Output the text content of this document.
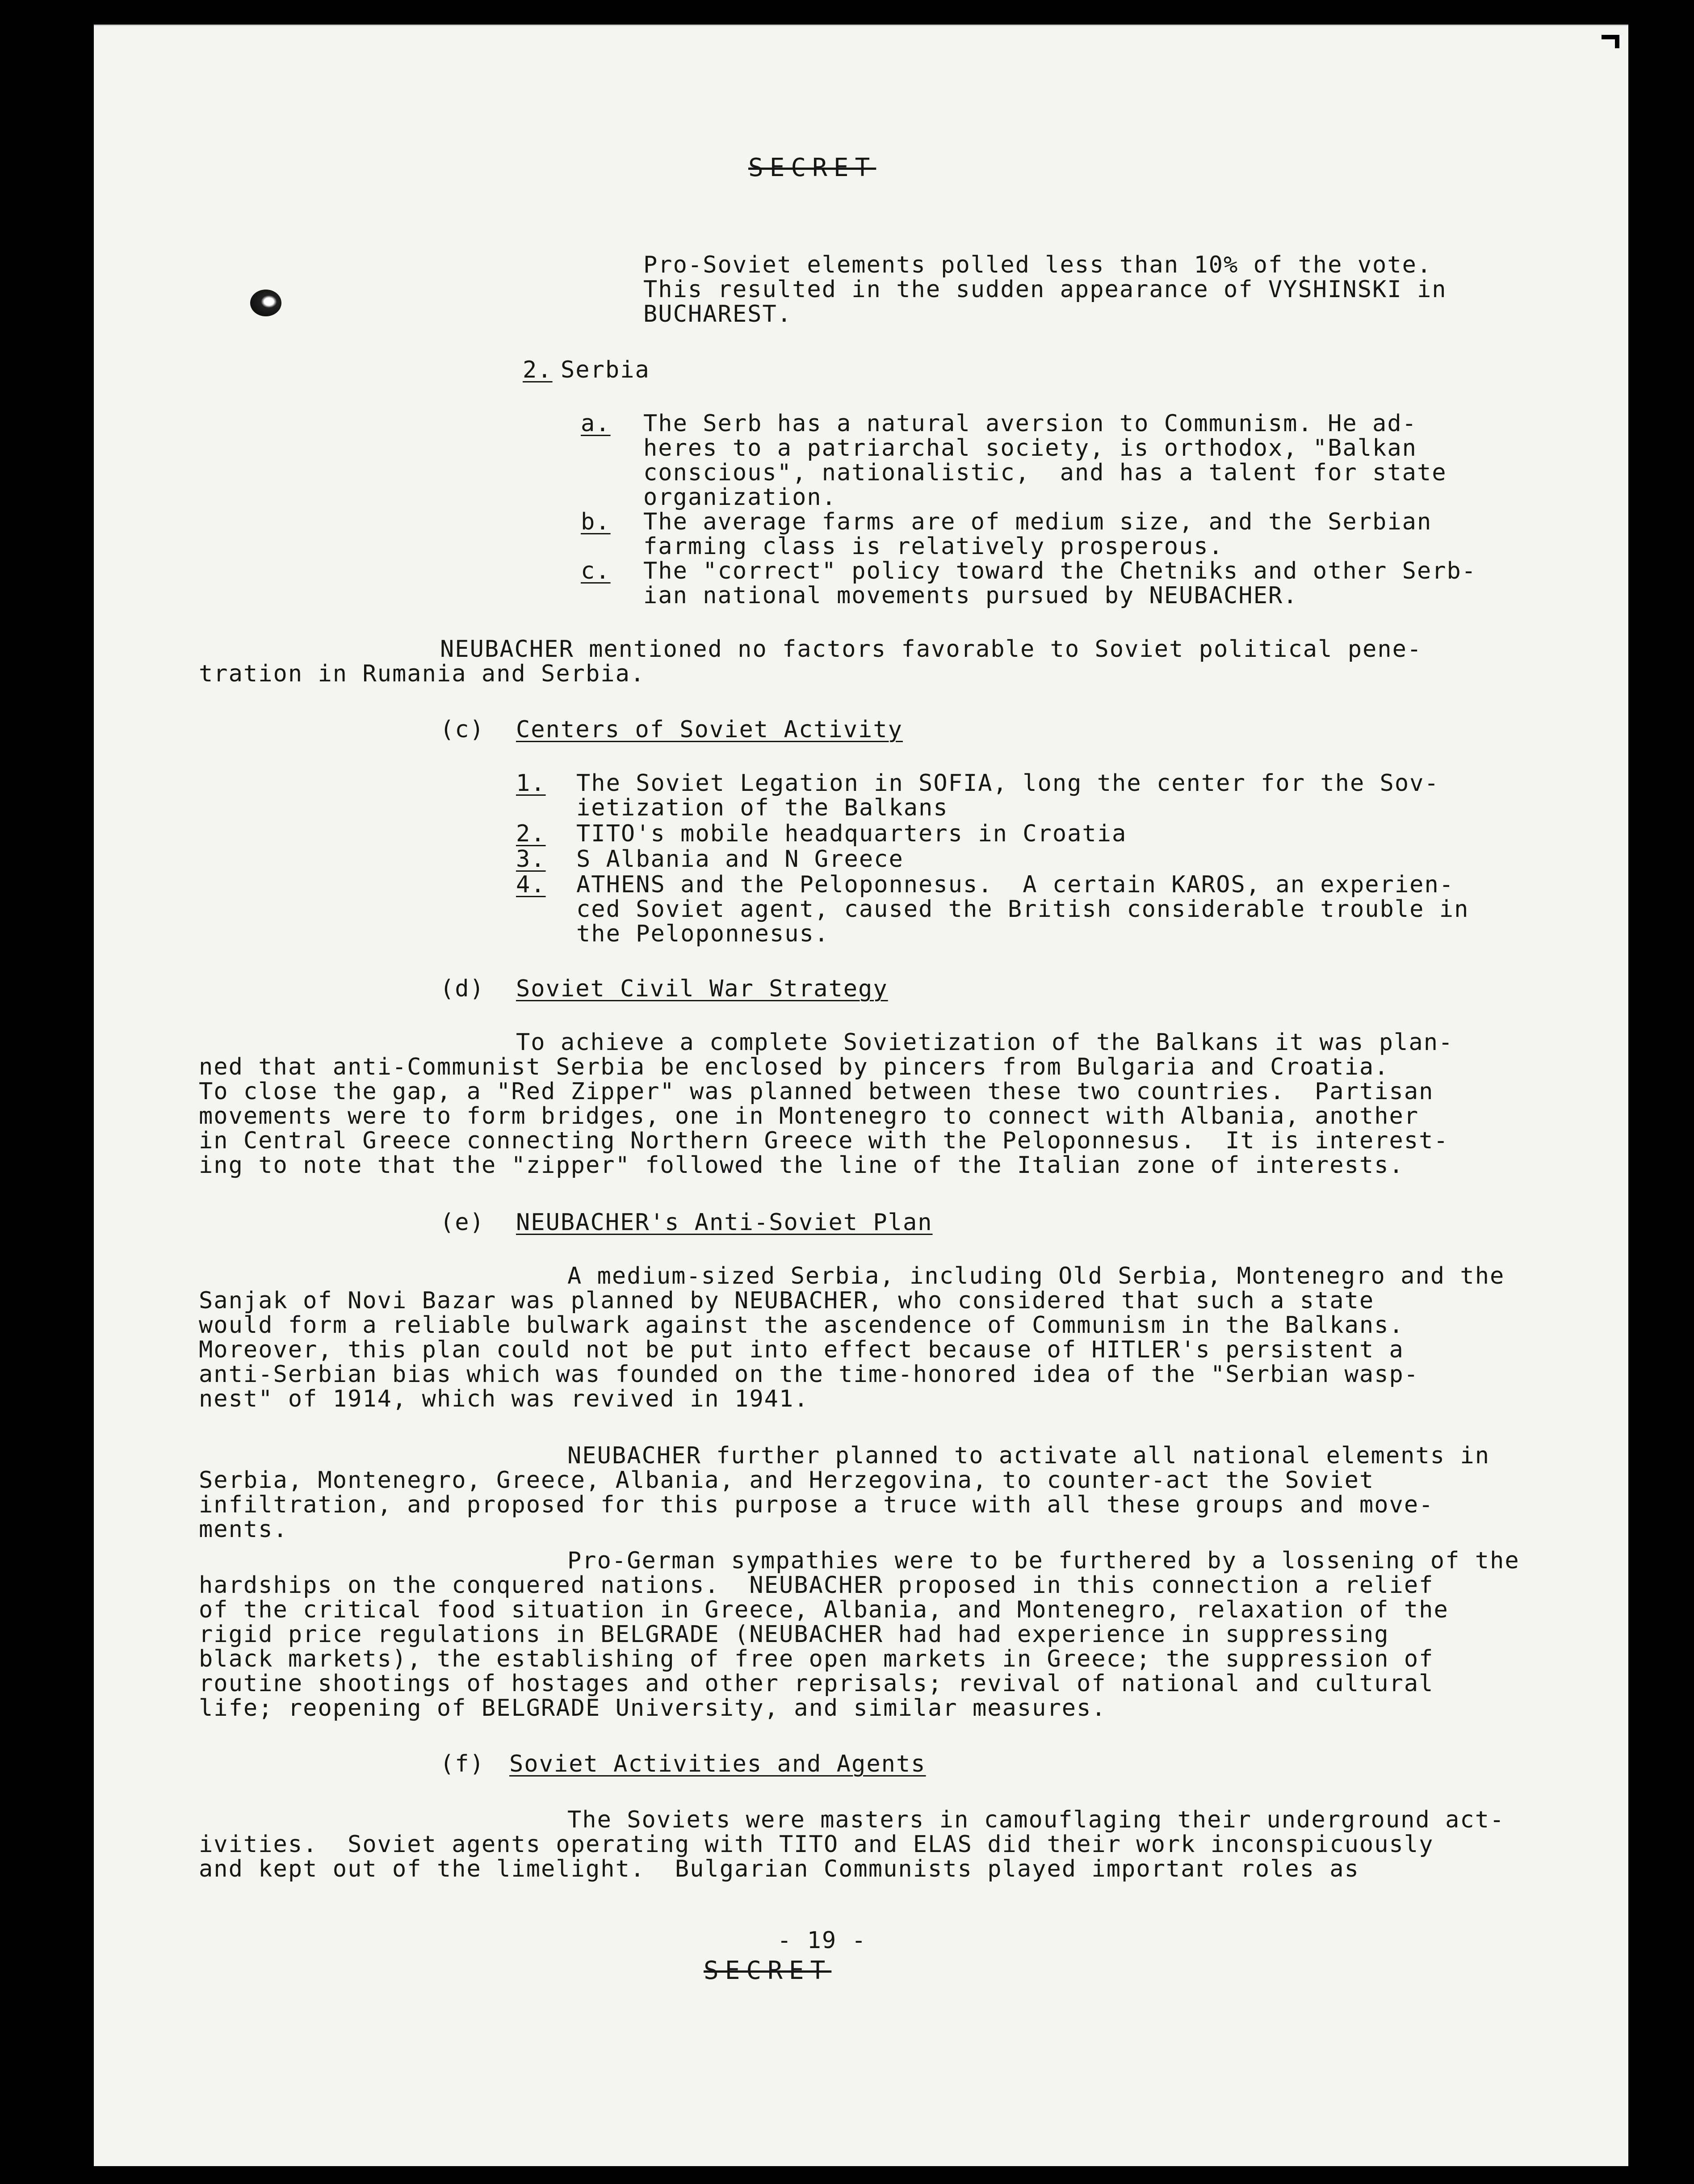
SECRET
Pro-Soviet elements polled less than 10% of the vote.
This resulted in the sudden appearance of VYSHINSKI in
BUCHAREST.
2. Serbia
a. The Serb has a natural aversion to Communism. He ad-
heres to a patriarchal society, is orthodox, "Balkan
conscious", nationalistic,  and has a talent for state
organization.
b. The average farms are of medium size, and the Serbian
farming class is relatively prosperous.
c. The "correct" policy toward the Chetniks and other Serb-
ian national movements pursued by NEUBACHER.
NEUBACHER mentioned no factors favorable to Soviet political pene-
tration in Rumania and Serbia.
(c) Centers of Soviet Activity
1. The Soviet Legation in SOFIA, long the center for the Sov-
ietization of the Balkans
2. TITO's mobile headquarters in Croatia
3. S Albania and N Greece
4. ATHENS and the Peloponnesus.  A certain KAROS, an experien-
ced Soviet agent, caused the British considerable trouble in
the Peloponnesus.
(d) Soviet Civil War Strategy
To achieve a complete Sovietization of the Balkans it was plan-
ned that anti-Communist Serbia be enclosed by pincers from Bulgaria and Croatia.
To close the gap, a "Red Zipper" was planned between these two countries.  Partisan
movements were to form bridges, one in Montenegro to connect with Albania, another
in Central Greece connecting Northern Greece with the Peloponnesus.  It is interest-
ing to note that the "zipper" followed the line of the Italian zone of interests.
(e) NEUBACHER's Anti-Soviet Plan
A medium-sized Serbia, including Old Serbia, Montenegro and the
Sanjak of Novi Bazar was planned by NEUBACHER, who considered that such a state
would form a reliable bulwark against the ascendence of Communism in the Balkans.
Moreover, this plan could not be put into effect because of HITLER's persistent a
anti-Serbian bias which was founded on the time-honored idea of the "Serbian wasp-
nest" of 1914, which was revived in 1941.
NEUBACHER further planned to activate all national elements in
Serbia, Montenegro, Greece, Albania, and Herzegovina, to counter-act the Soviet
infiltration, and proposed for this purpose a truce with all these groups and move-
ments.
Pro-German sympathies were to be furthered by a lossening of the
hardships on the conquered nations.  NEUBACHER proposed in this connection a relief
of the critical food situation in Greece, Albania, and Montenegro, relaxation of the
rigid price regulations in BELGRADE (NEUBACHER had had experience in suppressing
black markets), the establishing of free open markets in Greece; the suppression of
routine shootings of hostages and other reprisals; revival of national and cultural
life; reopening of BELGRADE University, and similar measures.
(f) Soviet Activities and Agents
The Soviets were masters in camouflaging their underground act-
ivities.  Soviet agents operating with TITO and ELAS did their work inconspicuously
and kept out of the limelight.  Bulgarian Communists played important roles as
- 19 -
SECRET
